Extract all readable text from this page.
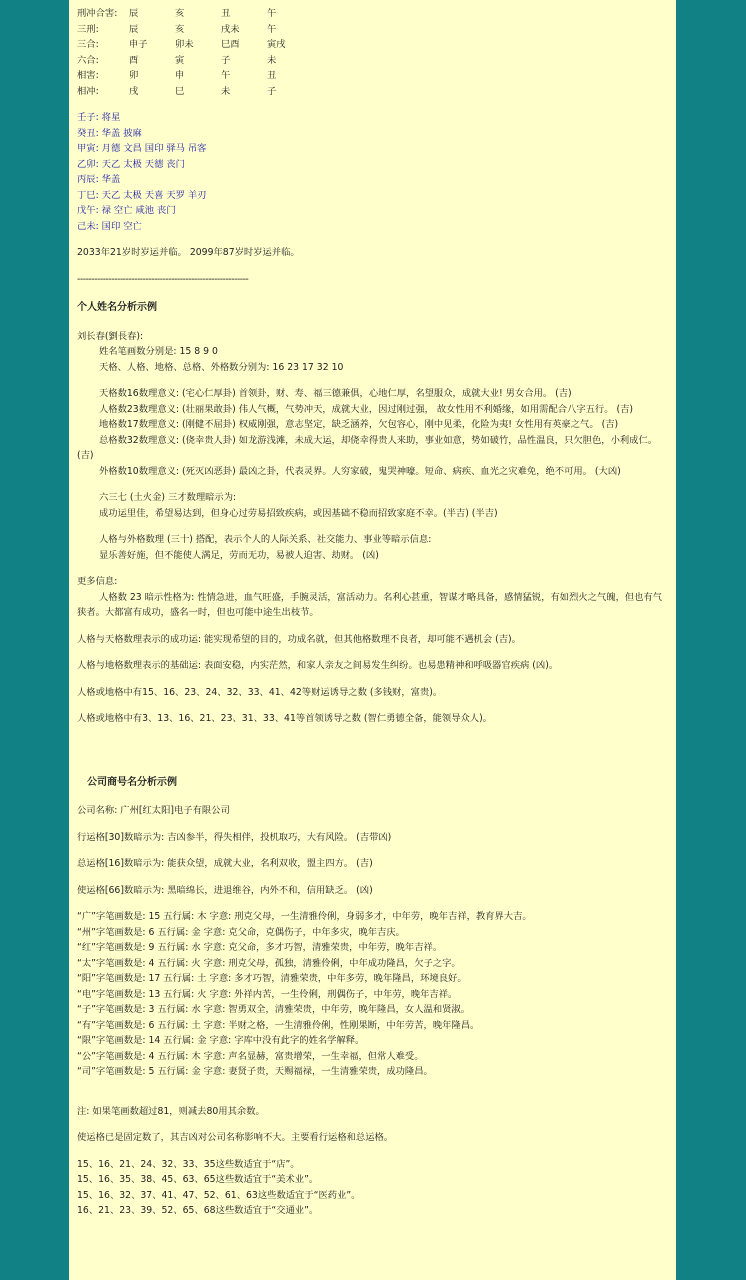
刑冲合害:	辰	亥	丑	午
三刑:	辰	亥	戌未	午
三合:	申子	卯未	巳酉	寅戌
六合:	酉	寅	子	未
相害:	卯	申	午	丑
相冲:	戌	巳	未	子
壬子: 将星
癸丑: 华盖 披麻
甲寅: 月德 文昌 国印 驿马 吊客
乙卯: 天乙 太极 天德 丧门
丙辰: 华盖
丁巳: 天乙 太极 天喜 天罗 羊刃
戊午: 禄 空亡 咸池 丧门
己未: 国印 空亡
2033年21岁时岁运并临。 2099年87岁时岁运并临。
------------------------------------------------------------
个人姓名分析示例
刘长春(劉長春):
姓名笔画数分别是: 15 8 9 0
天格、人格、地格、总格、外格数分别为: 16 23 17 32 10

天格数16数理意义: (宅心仁厚卦) 首领卦，财、寿、福三德兼俱，心地仁厚，名望服众，成就大业! 男女合用。 (吉)

人格数23数理意义: (壮丽果敢卦) 伟人气概，气势冲天，成就大业，因过刚过强， 故女性用不利婚缘，如用需配合八字五行。 (吉)

地格数17数理意义: (刚健不屈卦) 权威刚强，意志坚定，缺乏涵养，欠包容心，刚中见柔，化险为夷! 女性用有英豪之气。 (吉)

总格数32数理意义: (侥幸贵人卦) 如龙游浅滩，未成大运，却侥幸得贵人来助，事业如意，势如破竹，品性温良，只欠胆色，小利成仁。 (吉)

外格数10数理意义: (死灭凶恶卦) 最凶之卦，代表灵界。人穷家破，鬼哭神嚎。短命、病疾、血光之灾难免，绝不可用。 (大凶)

六三七 (土火金) 三才数理暗示为:
成功运里佳，希望易达到，但身心过劳易招致疾病，或因基础不稳而招致家庭不幸。(半吉) (半吉)
人格与外格数理 (三十) 搭配，表示个人的人际关系、社交能力、事业等暗示信息:
显乐善好施，但不能使人满足，劳而无功，易被人迫害、劫财。 (凶)
更多信息:

人格数 23 暗示性格为: 性情急进，血气旺盛，手腕灵活，富活动力。名利心甚重，智谋才略具备，感情猛锐，有如烈火之气魄，但也有气狭者。大都富有成功，盛名一时，但也可能中途生出枝节。

人格与天格数理表示的成功运: 能实现希望的目的，功成名就，但其他格数理不良者，却可能不遇机会 (吉)。

人格与地格数理表示的基础运: 表面安稳，内实茫然，和家人亲友之间易发生纠纷。也易患精神和呼吸器官疾病 (凶)。

人格或地格中有15、16、23、24、32、33、41、42等财运诱导之数 (多钱财，富贵)。

人格或地格中有3、13、16、21、23、31、33、41等首领诱导之数 (智仁勇德全备，能领导众人)。

公司商号名分析示例
公司名称: 广州[红太阳]电子有限公司
行运格[30]数暗示为: 吉凶参半，得失相伴，投机取巧，大有风险。 (吉带凶)
总运格[16]数暗示为: 能获众望，成就大业，名利双收，盟主四方。 (吉)
使运格[66]数暗示为: 黑暗绵长，进退维谷，内外不和，信用缺乏。 (凶)
“广”字笔画数是: 15 五行属: 木 字意: 刑克父母，一生清雅伶俐，身弱多才，中年劳，晚年吉祥，教育界大吉。
“州”字笔画数是: 6 五行属: 金 字意: 克父命，克偶伤子，中年多灾，晚年吉庆。
“红”字笔画数是: 9 五行属: 水 字意: 克父命，多才巧智，清雅荣贵，中年劳，晚年吉祥。
“太”字笔画数是: 4 五行属: 火 字意: 刑克父母，孤独，清雅伶俐，中年成功隆昌，欠子之字。
“阳”字笔画数是: 17 五行属: 土 字意: 多才巧智，清雅荣贵，中年多劳，晚年隆昌，环境良好。
“电”字笔画数是: 13 五行属: 火 字意: 外祥内苦，一生伶俐，刑偶伤子，中年劳，晚年吉祥。
“子”字笔画数是: 3 五行属: 水 字意: 智勇双全，清雅荣贵，中年劳，晚年隆昌，女人温和贤淑。
“有”字笔画数是: 6 五行属: 土 字意: 半财之格，一生清雅伶俐，性刚果断，中年劳苦，晚年隆昌。
“限”字笔画数是: 14 五行属: 金 字意: 字库中没有此字的姓名学解释。
“公”字笔画数是: 4 五行属: 木 字意: 声名显赫，富贵增荣，一生幸福，但常人难受。
“司”字笔画数是: 5 五行属: 金 字意: 妻贤子贵，天赐福禄，一生清雅荣贵，成功隆昌。
注: 如果笔画数超过81，则减去80用其余数。
使运格已是固定数了，其吉凶对公司名称影响不大。主要看行运格和总运格。
15、16、21、24、32、33、35这些数适宜于“店”。
15、16、35、38、45、63、65这些数适宜于“美术业”。
15、16、32、37、41、47、52、61、63这些数适宜于“医药业”。
16、21、23、39、52、65、68这些数适宜于“交通业”。
